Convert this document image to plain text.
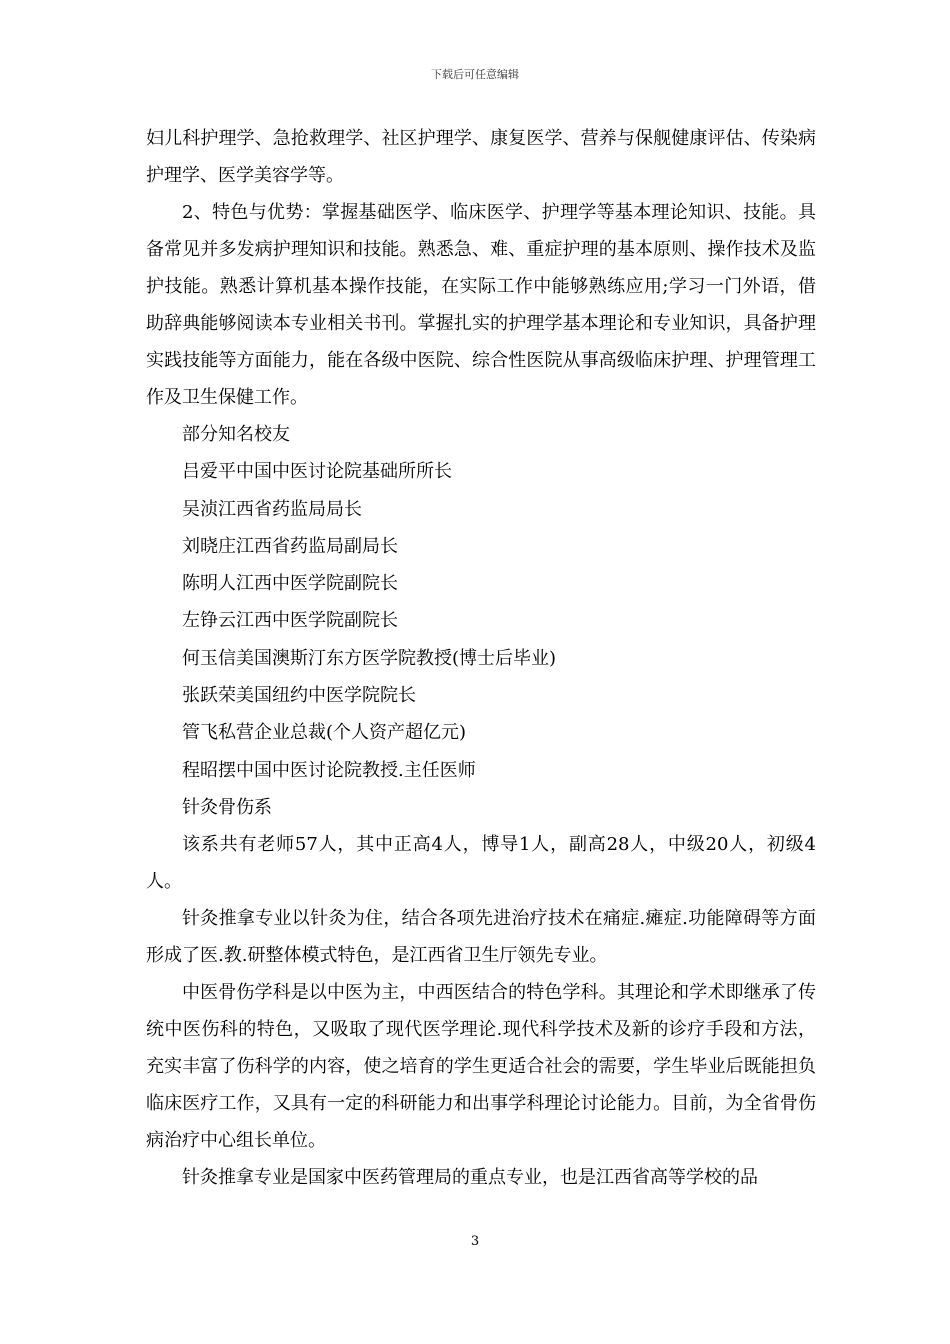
下载后可任意编辑

妇儿科护理学、急抢救理学、社区护理学、康复医学、营养与保舰健康评估、传染病护理学、医学美容学等。

2、特色与优势：掌握基础医学、临床医学、护理学等基本理论知识、技能。具备常见并多发病护理知识和技能。熟悉急、难、重症护理的基本原则、操作技术及监护技能。熟悉计算机基本操作技能，在实际工作中能够熟练应用;学习一门外语，借助辞典能够阅读本专业相关书刊。掌握扎实的护理学基本理论和专业知识，具备护理实践技能等方面能力，能在各级中医院、综合性医院从事高级临床护理、护理管理工作及卫生保健工作。

部分知名校友

吕爱平中国中医讨论院基础所所长

吴浈江西省药监局局长

刘晓庄江西省药监局副局长

陈明人江西中医学院副院长

左铮云江西中医学院副院长

何玉信美国澳斯汀东方医学院教授(博士后毕业)

张跃荣美国纽约中医学院院长

管飞私营企业总裁(个人资产超亿元)

程昭摆中国中医讨论院教授.主任医师

针灸骨伤系

该系共有老师57人，其中正高4人，博导1人，副高28人，中级20人，初级4人。

针灸推拿专业以针灸为住，结合各项先进治疗技术在痛症.瘫症.功能障碍等方面形成了医.教.研整体模式特色，是江西省卫生厅领先专业。

中医骨伤学科是以中医为主，中西医结合的特色学科。其理论和学术即继承了传统中医伤科的特色，又吸取了现代医学理论.现代科学技术及新的诊疗手段和方法，充实丰富了伤科学的内容，使之培育的学生更适合社会的需要，学生毕业后既能担负临床医疗工作，又具有一定的科研能力和出事学科理论讨论能力。目前，为全省骨伤病治疗中心组长单位。

针灸推拿专业是国家中医药管理局的重点专业，也是江西省高等学校的品

3
